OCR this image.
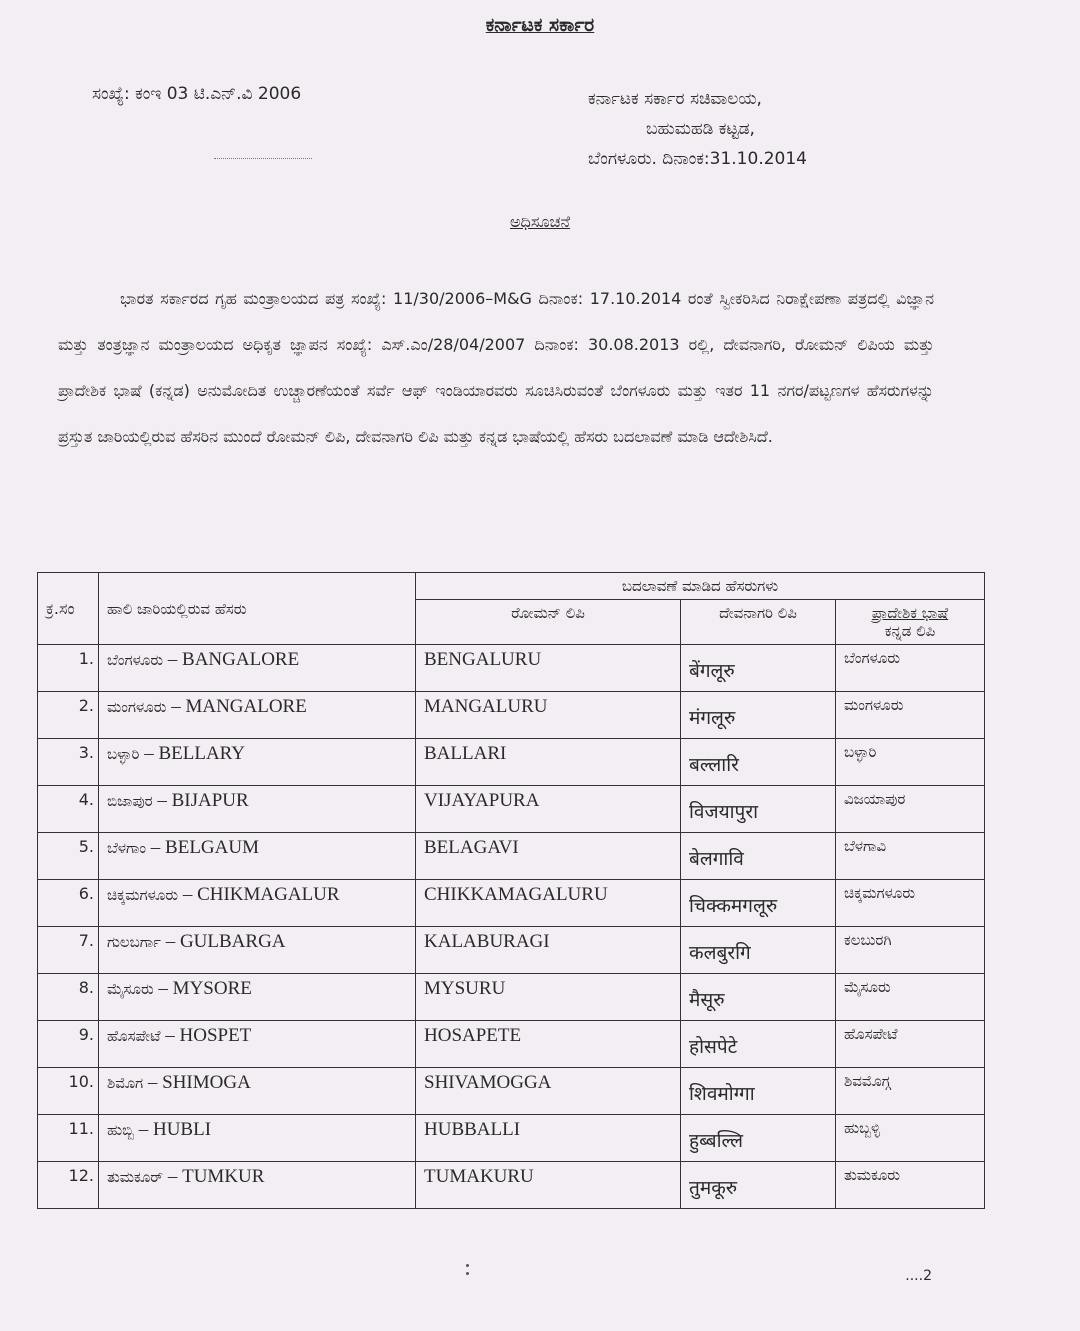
ಕರ್ನಾಟಕ ಸರ್ಕಾರ
ಸಂಖ್ಯೆ: ಕಂಇ 03 ಟಿ.ಎನ್.ವಿ 2006	ಕರ್ನಾಟಕ ಸರ್ಕಾರ ಸಚಿವಾಲಯ,
ಬಹುಮಹಡಿ ಕಟ್ಟಡ,
ಬೆಂಗಳೂರು. ದಿನಾಂಕ:31.10.2014
ಅಧಿಸೂಚನೆ

ಭಾರತ ಸರ್ಕಾರದ ಗೃಹ ಮಂತ್ರಾಲಯದ ಪತ್ರ ಸಂಖ್ಯೆ: 11/30/2006–M&G ದಿನಾಂಕ: 17.10.2014 ರಂತೆ ಸ್ವೀಕರಿಸಿದ ನಿರಾಕ್ಷೇಪಣಾ ಪತ್ರದಲ್ಲಿ ವಿಜ್ಞಾನ ಮತ್ತು ತಂತ್ರಜ್ಞಾನ ಮಂತ್ರಾಲಯದ ಅಧಿಕೃತ ಜ್ಞಾಪನ ಸಂಖ್ಯೆ: ಎಸ್.ಎಂ/28/04/2007 ದಿನಾಂಕ: 30.08.2013 ರಲ್ಲಿ, ದೇವನಾಗರಿ, ರೋಮನ್ ಲಿಪಿಯ ಮತ್ತು ಪ್ರಾದೇಶಿಕ ಭಾಷೆ (ಕನ್ನಡ) ಅನುಮೋದಿತ ಉಚ್ಚಾರಣೆಯಂತೆ ಸರ್ವೆ ಆಫ್ ಇಂಡಿಯಾರವರು ಸೂಚಿಸಿರುವಂತೆ ಬೆಂಗಳೂರು ಮತ್ತು ಇತರ 11 ನಗರ/ಪಟ್ಟಣಗಳ ಹೆಸರುಗಳನ್ನು ಪ್ರಸ್ತುತ ಜಾರಿಯಲ್ಲಿರುವ ಹೆಸರಿನ ಮುಂದೆ ರೋಮನ್ ಲಿಪಿ, ದೇವನಾಗರಿ ಲಿಪಿ ಮತ್ತು ಕನ್ನಡ ಭಾಷೆಯಲ್ಲಿ ಹೆಸರು ಬದಲಾವಣೆ ಮಾಡಿ ಆದೇಶಿಸಿದೆ.

ಕ್ರ.ಸಂ	ಹಾಲಿ ಜಾರಿಯಲ್ಲಿರುವ ಹೆಸರು	ಬದಲಾವಣೆ ಮಾಡಿದ ಹೆಸರುಗಳು		
		ರೋಮನ್ ಲಿಪಿ	ದೇವನಾಗರಿ ಲಿಪಿ	ಪ್ರಾದೇಶಿಕ ಭಾಷೆ
ಕನ್ನಡ ಲಿಪಿ

1.	ಬೆಂಗಳೂರು – BANGALORE	BENGALURU	बेंगलूरु	ಬೆಂಗಳೂರು
2.	ಮಂಗಳೂರು – MANGALORE	MANGALURU	मंगलूरु	ಮಂಗಳೂರು
3.	ಬಳ್ಳಾರಿ – BELLARY	BALLARI	बल्लारि	ಬಳ್ಳಾರಿ
4.	ಬಿಜಾಪುರ – BIJAPUR	VIJAYAPURA	विजयापुरा	ವಿಜಯಾಪುರ
5.	ಬೆಳಗಾಂ – BELGAUM	BELAGAVI	बेलगावि	ಬೆಳಗಾವಿ
6.	ಚಿಕ್ಕಮಗಳೂರು – CHIKMAGALUR	CHIKKAMAGALURU	चिक्कमगलूरु	ಚಿಕ್ಕಮಗಳೂರು
7.	ಗುಲಬರ್ಗಾ – GULBARGA	KALABURAGI	कलबुरगि	ಕಲಬುರಗಿ
8.	ಮೈಸೂರು – MYSORE	MYSURU	मैसूरु	ಮೈಸೂರು
9.	ಹೊಸಪೇಟೆ – HOSPET	HOSAPETE	होसपेटे	ಹೊಸಪೇಟೆ
10.	ಶಿಮೊಗ – SHIMOGA	SHIVAMOGGA	शिवमोग्गा	ಶಿವಮೊಗ್ಗ
11.	ಹುಬ್ಬಿ – HUBLI	HUBBALLI	हुब्बल्लि	ಹುಬ್ಬಳ್ಳಿ
12.	ತುಮಕೂರ್ – TUMKUR	TUMAKURU	तुमकूरु	ತುಮಕೂರು
....2
